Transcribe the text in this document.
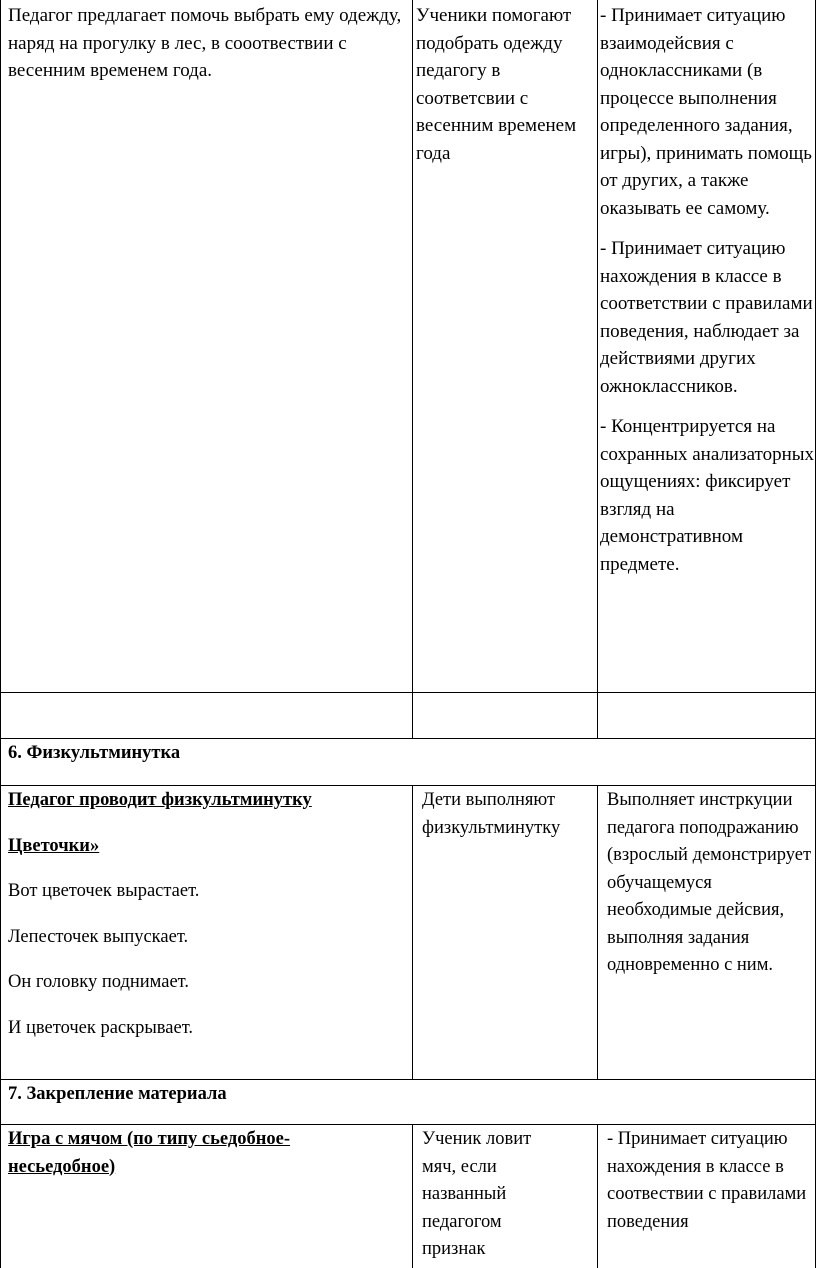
Педагог предлагает помочь выбрать ему одежду, наряд на прогулку в лес, в сооотвествии с весенним временем года.

Ученики помогают подобрать одежду педагогу в соответсвии с весенним временем года

- Принимает ситуацию взаимодейсвия с одноклассниками (в процессе выполнения определенного задания, игры), принимать помощь от других, а также оказывать ее самому.

- Принимает ситуацию нахождения в классе в соответствии с правилами поведения, наблюдает за действиями других ожноклассников.

- Концентрируется на сохранных анализаторных ощущениях: фиксирует взгляд на демонстративном предмете.

6. Физкультминутка

Педагог проводит физкультминутку

Цветочки»

Вот цветочек вырастает.

Лепесточек выпускает.

Он головку поднимает.

И цветочек раскрывает.

Дети выполняют физкультминутку

Выполняет инстркуции педагога поподражанию (взрослый демонстрирует обучащемуся необходимые дейсвия, выполняя задания одновременно с ним.

7. Закрепление материала

Игра с мячом (по типу сьедобное-несьедобное)

Ученик ловит мяч, если названный педагогом признак

- Принимает ситуацию нахождения в классе в соотвествии с правилами поведения
